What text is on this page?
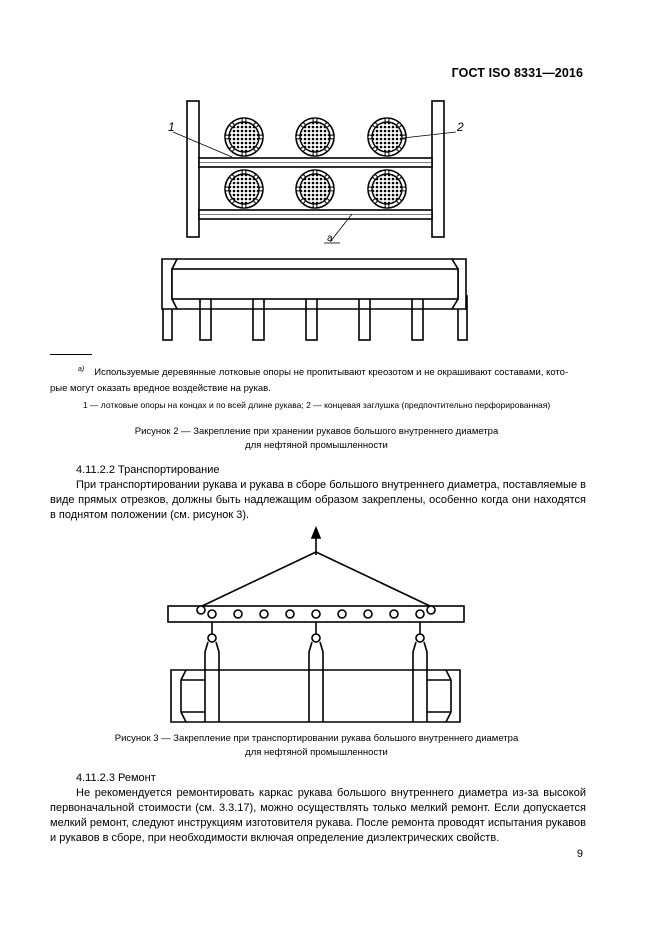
ГОСТ ISO 8331—2016
1	2
a
$^{a)}$ Используемые деревянные лотковые опоры не пропитывают креозотом и не окрашивают составами, кото-рые могут оказать вредное воздействие на рукав.
1 — лотковые опоры на концах и по всей длине рукава; 2 — концевая заглушка (предпочтительно перфорированная)
Рисунок 2 — Закрепление при хранении рукавов большого внутреннего диаметра
для нефтяной промышленности
4.11.2.2 Транспортирование
При транспортировании рукава и рукава в сборе большого внутреннего диаметра, поставляемые в виде прямых отрезков, должны быть надлежащим образом закреплены, особенно когда они находятся в поднятом положении (см. рисунок 3).
Рисунок 3 — Закрепление при транспортировании рукава большого внутреннего диаметра
для нефтяной промышленности
4.11.2.3 Ремонт
Не рекомендуется ремонтировать каркас рукава большого внутреннего диаметра из-за высокой первоначальной стоимости (см. 3.3.17), можно осуществлять только мелкий ремонт. Если допускается мелкий ремонт, следуют инструкциям изготовителя рукава. После ремонта проводят испытания рукавов и рукавов в сборе, при необходимости включая определение диэлектрических свойств.
9
